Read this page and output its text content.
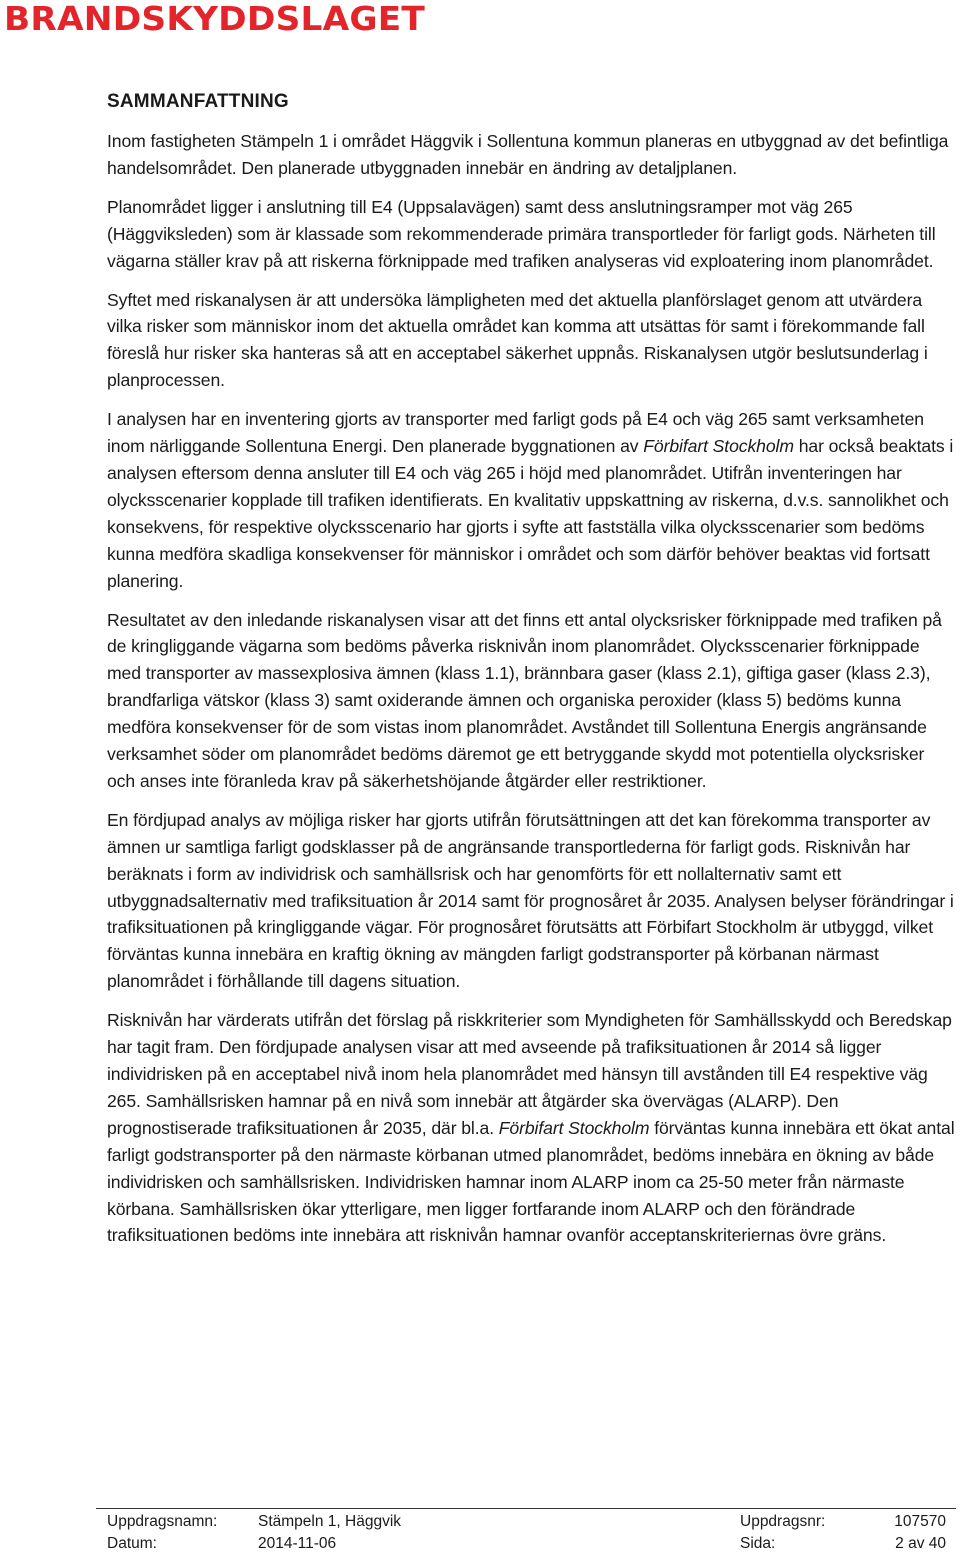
BRANDSKYDDSLAGET
SAMMANFATTNING

Inom fastigheten Stämpeln 1 i området Häggvik i Sollentuna kommun planeras en utbyggnad av det befintliga handelsområdet. Den planerade utbyggnaden innebär en ändring av detaljplanen.

Planområdet ligger i anslutning till E4 (Uppsalavägen) samt dess anslutningsramper mot väg 265 (Häggviksleden) som är klassade som rekommenderade primära transportleder för farligt gods. Närheten till vägarna ställer krav på att riskerna förknippade med trafiken analyseras vid exploatering inom planområdet.

Syftet med riskanalysen är att undersöka lämpligheten med det aktuella planförslaget genom att utvärdera vilka risker som människor inom det aktuella området kan komma att utsättas för samt i förekommande fall föreslå hur risker ska hanteras så att en acceptabel säkerhet uppnås. Riskanalysen utgör beslutsunderlag i planprocessen.

I analysen har en inventering gjorts av transporter med farligt gods på E4 och väg 265 samt verksamheten inom närliggande Sollentuna Energi. Den planerade byggnationen av Förbifart Stockholm har också beaktats i analysen eftersom denna ansluter till E4 och väg 265 i höjd med planområdet. Utifrån inventeringen har olycksscenarier kopplade till trafiken identifierats. En kvalitativ uppskattning av riskerna, d.v.s. sannolikhet och konsekvens, för respektive olycksscenario har gjorts i syfte att fastställa vilka olycksscenarier som bedöms kunna medföra skadliga konsekvenser för människor i området och som därför behöver beaktas vid fortsatt planering.

Resultatet av den inledande riskanalysen visar att det finns ett antal olycksrisker förknippade med trafiken på de kringliggande vägarna som bedöms påverka risknivån inom planområdet. Olycksscenarier förknippade med transporter av massexplosiva ämnen (klass 1.1), brännbara gaser (klass 2.1), giftiga gaser (klass 2.3), brandfarliga vätskor (klass 3) samt oxiderande ämnen och organiska peroxider (klass 5) bedöms kunna medföra konsekvenser för de som vistas inom planområdet. Avståndet till Sollentuna Energis angränsande verksamhet söder om planområdet bedöms däremot ge ett betryggande skydd mot potentiella olycksrisker och anses inte föranleda krav på säkerhetshöjande åtgärder eller restriktioner.

En fördjupad analys av möjliga risker har gjorts utifrån förutsättningen att det kan förekomma transporter av ämnen ur samtliga farligt godsklasser på de angränsande transportlederna för farligt gods. Risknivån har beräknats i form av individrisk och samhällsrisk och har genomförts för ett nollalternativ samt ett utbyggnadsalternativ med trafiksituation år 2014 samt för prognosåret år 2035. Analysen belyser förändringar i trafiksituationen på kringliggande vägar. För prognosåret förutsätts att Förbifart Stockholm är utbyggd, vilket förväntas kunna innebära en kraftig ökning av mängden farligt godstransporter på körbanan närmast planområdet i förhållande till dagens situation.

Risknivån har värderats utifrån det förslag på riskkriterier som Myndigheten för Samhällsskydd och Beredskap har tagit fram. Den fördjupade analysen visar att med avseende på trafiksituationen år 2014 så ligger individrisken på en acceptabel nivå inom hela planområdet med hänsyn till avstånden till E4 respektive väg 265. Samhällsrisken hamnar på en nivå som innebär att åtgärder ska övervägas (ALARP). Den prognostiserade trafiksituationen år 2035, där bl.a. Förbifart Stockholm förväntas kunna innebära ett ökat antal farligt godstransporter på den närmaste körbanan utmed planområdet, bedöms innebära en ökning av både individrisken och samhällsrisken. Individrisken hamnar inom ALARP inom ca 25-50 meter från närmaste körbana. Samhällsrisken ökar ytterligare, men ligger fortfarande inom ALARP och den förändrade trafiksituationen bedöms inte innebära att risknivån hamnar ovanför acceptanskriteriernas övre gräns.

Uppdragsnamn:	Stämpeln 1, Häggvik	Uppdragsnr:	107570
Datum:	2014-11-06	Sida:	2 av 40
